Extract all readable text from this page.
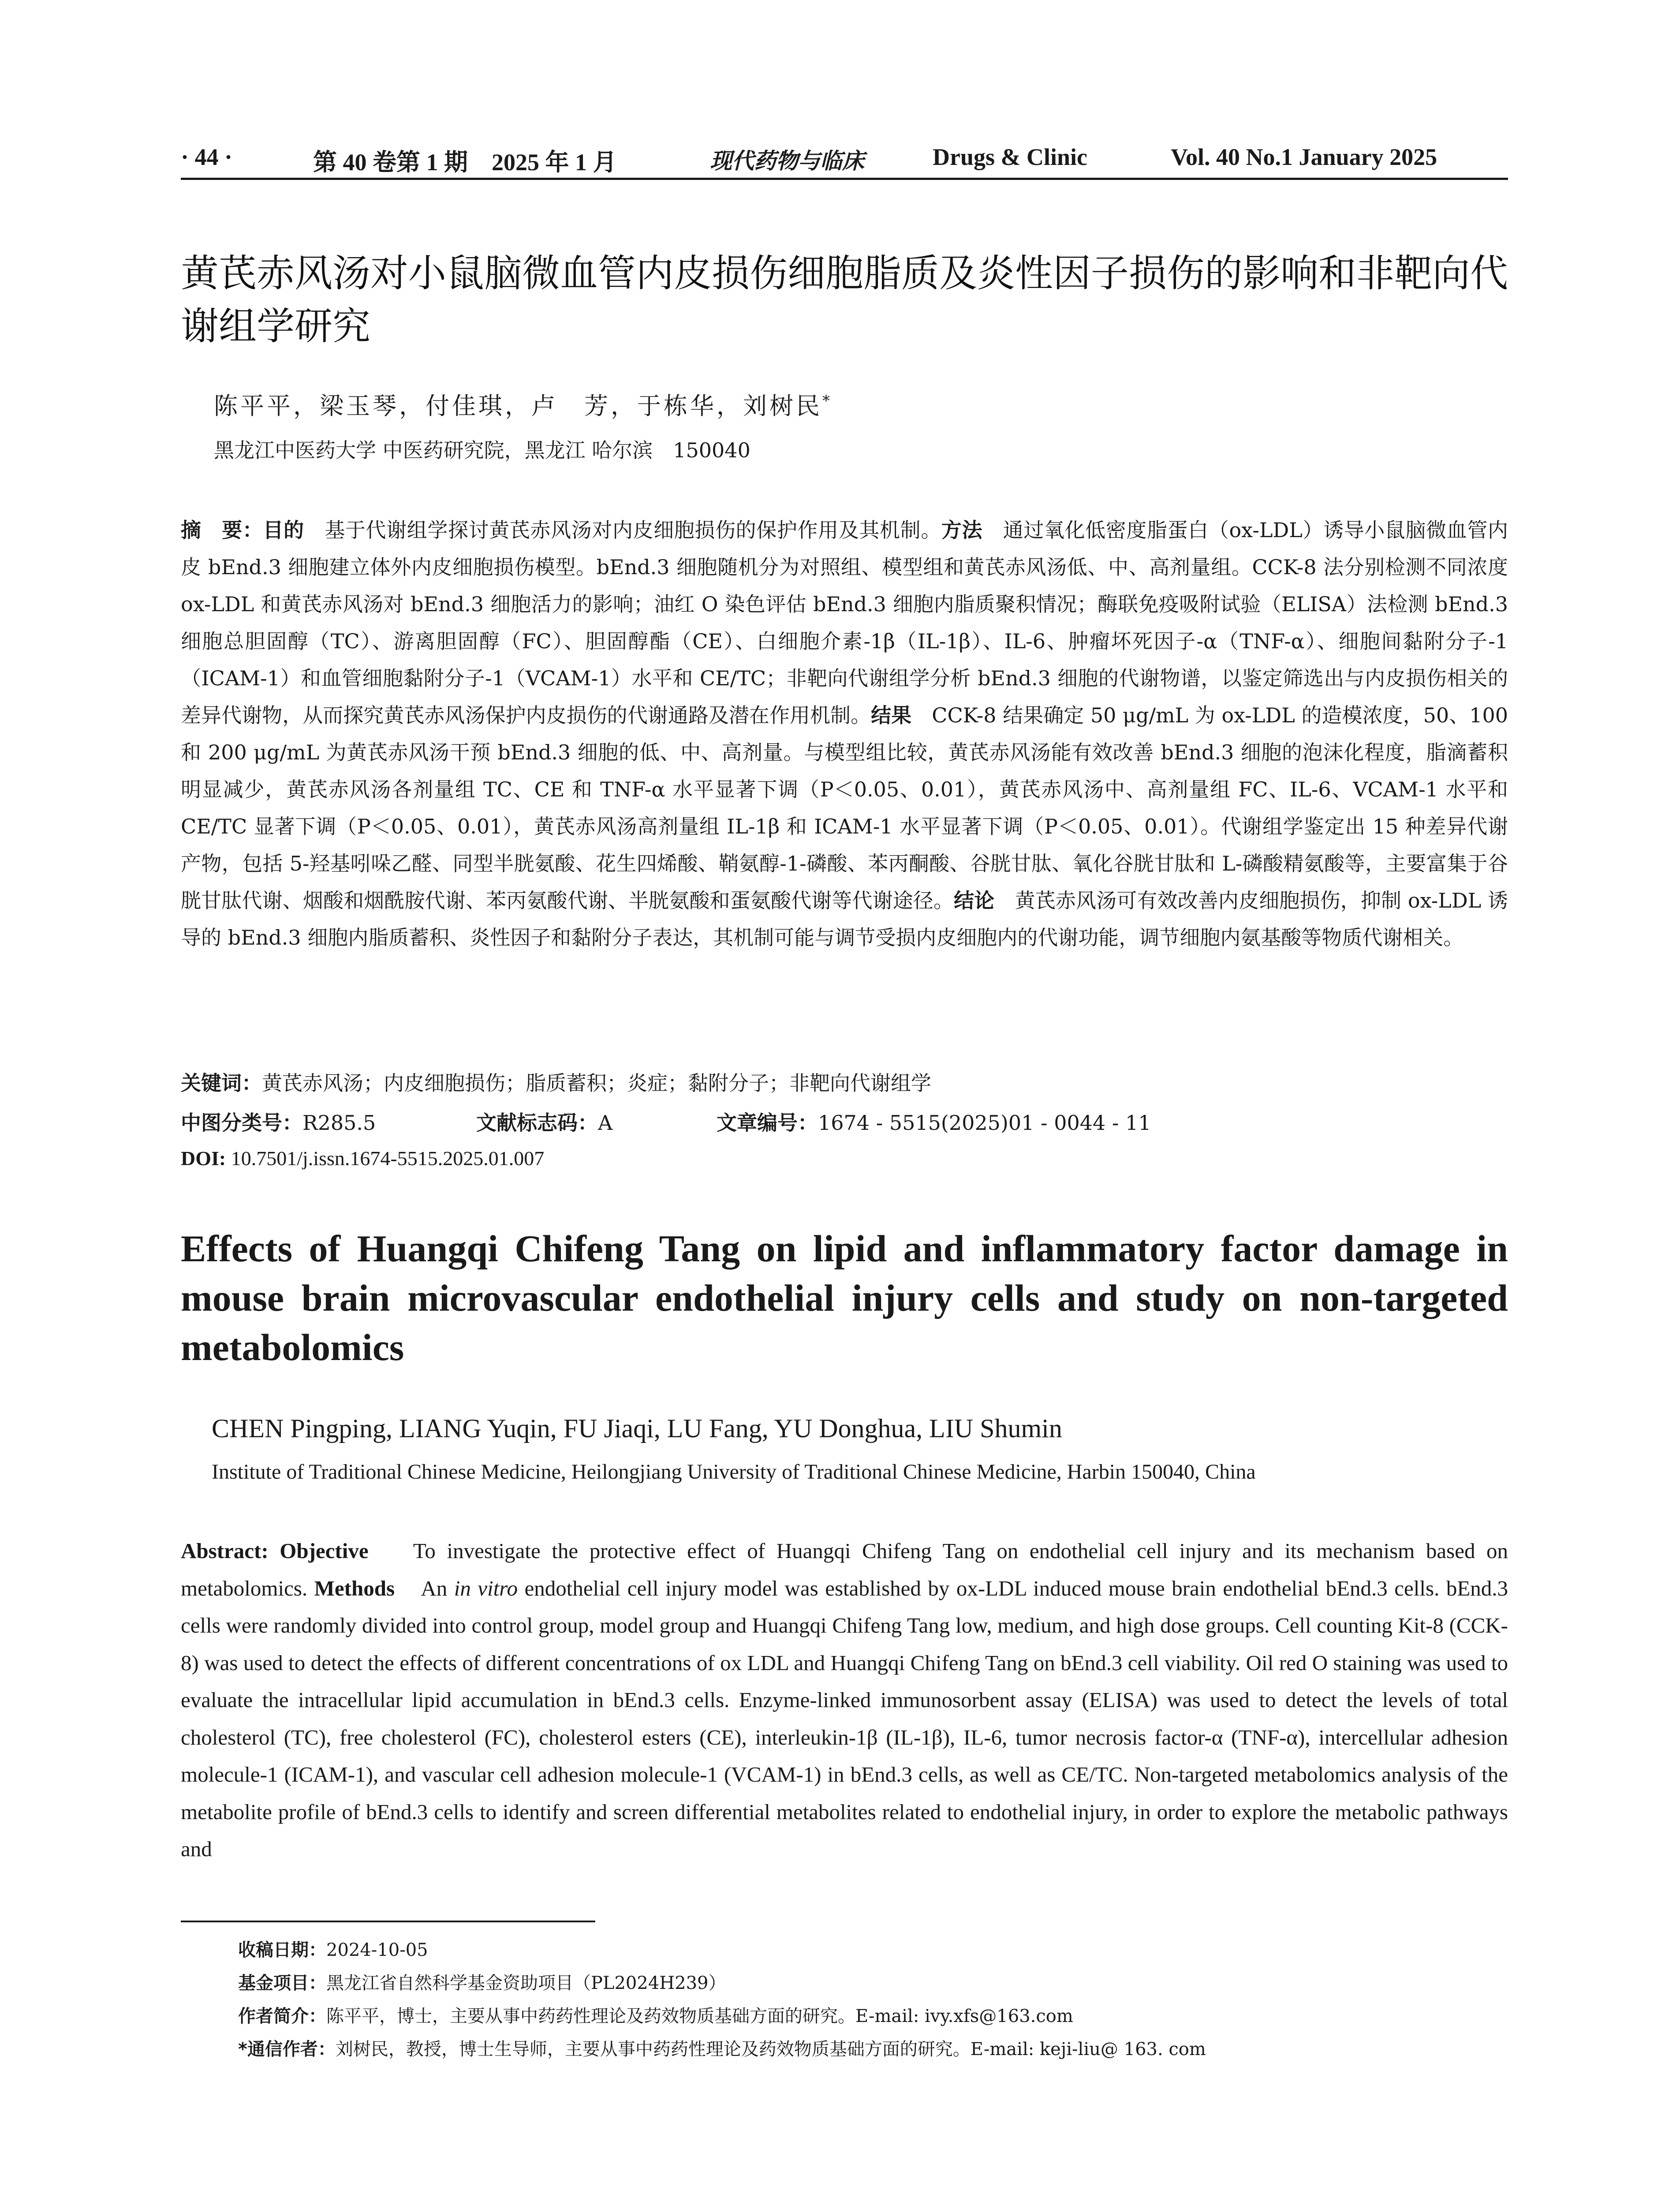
· 44 ·	第 40 卷第 1 期　2025 年 1 月	现代药物与临床	Drugs & Clinic	Vol. 40 No.1 January 2025
黄芪赤风汤对小鼠脑微血管内皮损伤细胞脂质及炎性因子损伤的影响和非靶向代谢组学研究
陈平平，梁玉琴，付佳琪，卢　芳，于栋华，刘树民*
黑龙江中医药大学 中医药研究院，黑龙江 哈尔滨　150040
摘　要：目的　 基于代谢组学探讨黄芪赤风汤对内皮细胞损伤的保护作用及其机制。方法　 通过氧化低密度脂蛋白（ox-LDL）诱导小鼠脑微血管内皮 bEnd.3 细胞建立体外内皮细胞损伤模型。bEnd.3 细胞随机分为对照组、模型组和黄芪赤风汤低、中、高剂量组。CCK-8 法分别检测不同浓度 ox-LDL 和黄芪赤风汤对 bEnd.3 细胞活力的影响；油红 O 染色评估 bEnd.3 细胞内脂质聚积情况；酶联免疫吸附试验（ELISA）法检测 bEnd.3 细胞总胆固醇（TC）、游离胆固醇（FC）、胆固醇酯（CE）、白细胞介素-1β（IL-1β）、IL-6、肿瘤坏死因子-α（TNF-α）、细胞间黏附分子-1（ICAM-1）和血管细胞黏附分子-1（VCAM-1）水平和 CE/TC；非靶向代谢组学分析 bEnd.3 细胞的代谢物谱，以鉴定筛选出与内皮损伤相关的差异代谢物，从而探究黄芪赤风汤保护内皮损伤的代谢通路及潜在作用机制。结果　 CCK-8 结果确定 50 μg/mL 为 ox-LDL 的造模浓度，50、100 和 200 μg/mL 为黄芪赤风汤干预 bEnd.3 细胞的低、中、高剂量。与模型组比较，黄芪赤风汤能有效改善 bEnd.3 细胞的泡沫化程度，脂滴蓄积明显减少，黄芪赤风汤各剂量组 TC、CE 和 TNF-α 水平显著下调（P＜0.05、0.01），黄芪赤风汤中、高剂量组 FC、IL-6、VCAM-1 水平和 CE/TC 显著下调（P＜0.05、0.01），黄芪赤风汤高剂量组 IL-1β 和 ICAM-1 水平显著下调（P＜0.05、0.01）。代谢组学鉴定出 15 种差异代谢产物，包括 5-羟基吲哚乙醛、同型半胱氨酸、花生四烯酸、鞘氨醇-1-磷酸、苯丙酮酸、谷胱甘肽、氧化谷胱甘肽和 L-磷酸精氨酸等，主要富集于谷胱甘肽代谢、烟酸和烟酰胺代谢、苯丙氨酸代谢、半胱氨酸和蛋氨酸代谢等代谢途径。结论　 黄芪赤风汤可有效改善内皮细胞损伤，抑制 ox-LDL 诱导的 bEnd.3 细胞内脂质蓄积、炎性因子和黏附分子表达，其机制可能与调节受损内皮细胞内的代谢功能，调节细胞内氨基酸等物质代谢相关。
关键词：黄芪赤风汤；内皮细胞损伤；脂质蓄积；炎症；黏附分子；非靶向代谢组学
中图分类号：R285.5	文献标志码：A	文章编号：1674 - 5515(2025)01 - 0044 - 11
DOI: 10.7501/j.issn.1674-5515.2025.01.007
Effects of Huangqi Chifeng Tang on lipid and inflammatory factor damage in mouse brain microvascular endothelial injury cells and study on non-targeted metabolomics
CHEN Pingping, LIANG Yuqin, FU Jiaqi, LU Fang, YU Donghua, LIU Shumin
Institute of Traditional Chinese Medicine, Heilongjiang University of Traditional Chinese Medicine, Harbin 150040, China
Abstract: Objective To investigate the protective effect of Huangqi Chifeng Tang on endothelial cell injury and its mechanism based on metabolomics. Methods An in vitro endothelial cell injury model was established by ox-LDL induced mouse brain endothelial bEnd.3 cells. bEnd.3 cells were randomly divided into control group, model group and Huangqi Chifeng Tang low, medium, and high dose groups. Cell counting Kit-8 (CCK-8) was used to detect the effects of different concentrations of ox LDL and Huangqi Chifeng Tang on bEnd.3 cell viability. Oil red O staining was used to evaluate the intracellular lipid accumulation in bEnd.3 cells. Enzyme-linked immunosorbent assay (ELISA) was used to detect the levels of total cholesterol (TC), free cholesterol (FC), cholesterol esters (CE), interleukin-1β (IL-1β), IL-6, tumor necrosis factor-α (TNF-α), intercellular adhesion molecule-1 (ICAM-1), and vascular cell adhesion molecule-1 (VCAM-1) in bEnd.3 cells, as well as CE/TC. Non-targeted metabolomics analysis of the metabolite profile of bEnd.3 cells to identify and screen differential metabolites related to endothelial injury, in order to explore the metabolic pathways and
收稿日期：2024-10-05
基金项目：黑龙江省自然科学基金资助项目（PL2024H239）
作者简介：陈平平，博士，主要从事中药药性理论及药效物质基础方面的研究。E-mail: ivy.xfs@163.com
*通信作者：刘树民，教授，博士生导师，主要从事中药药性理论及药效物质基础方面的研究。E-mail: keji-liu@ 163. com
